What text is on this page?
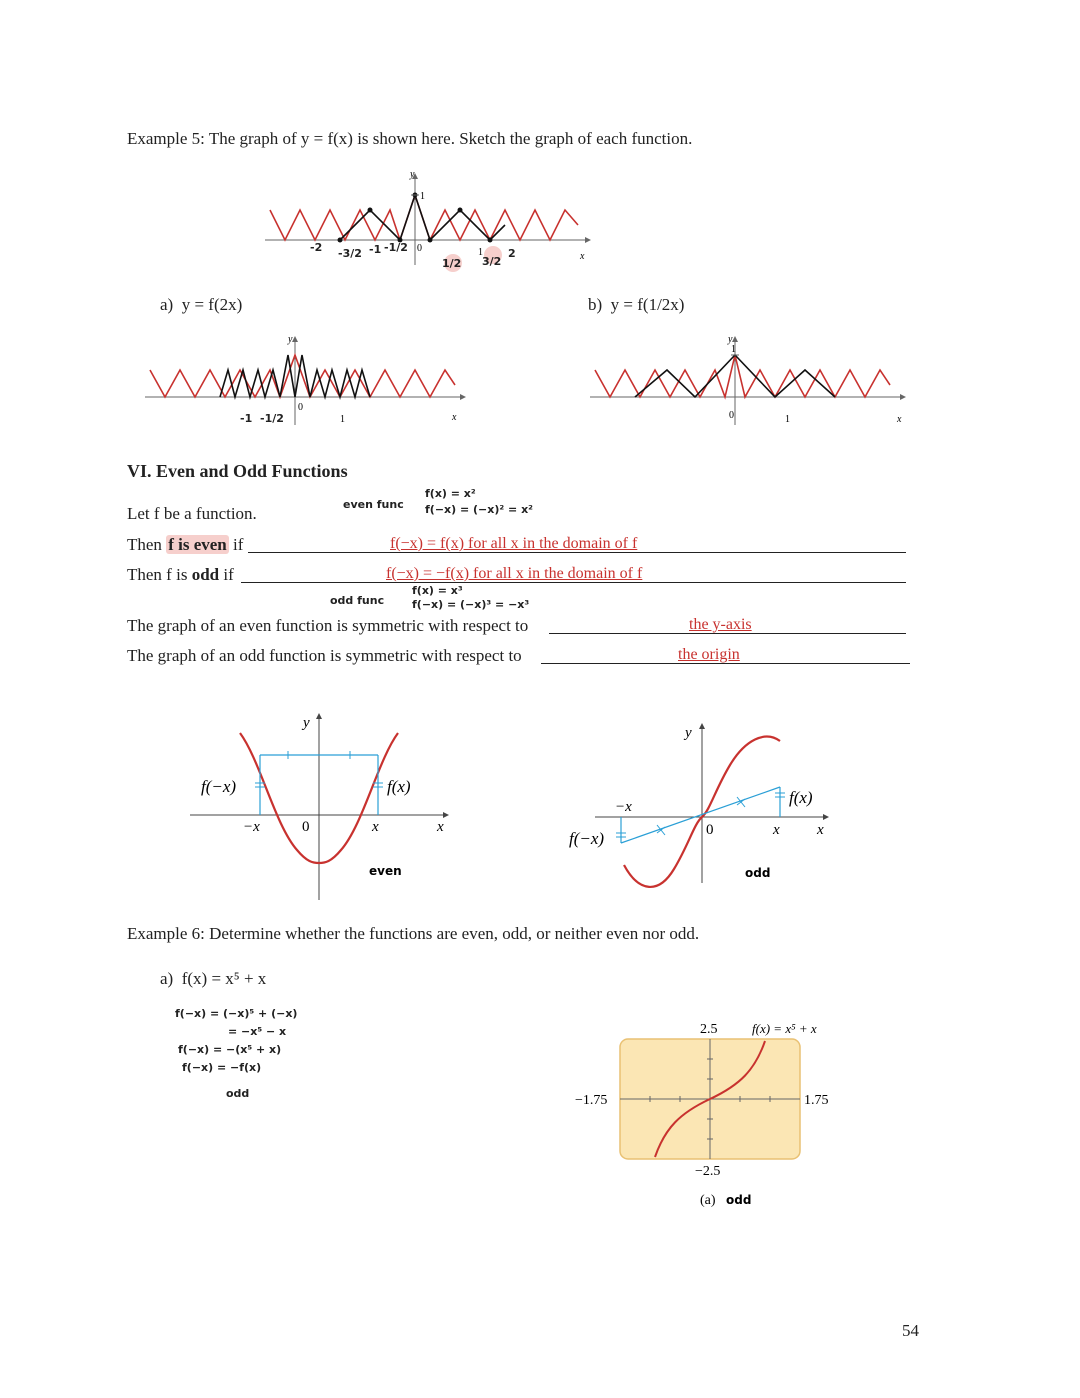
Example 5: The graph of y = f(x) is shown here. Sketch the graph of each function.
y
1
0
x
1
-2 -3/2 -1 -1/2
1/2 3/2
2
a) y = f(2x)	b) y = f(1/2x)
y
0
1	x
-1 -1/2
y
1
0	1	x
VI. Even and Odd Functions
even func
f(x) = x²
f(−x) = (−x)² = x²
Let f be a function.
Then f is even if	f(−x) = f(x) for all x in the domain of f
Then f is odd if	f(−x) = −f(x) for all x in the domain of f
odd func
f(x) = x³
f(−x) = (−x)³ = −x³
The graph of an even function is symmetric with respect to	the y-axis
The graph of an odd function is symmetric with respect to	the origin
y
f(−x)	f(x)
−x	0	x	x
even
y
f(x)
f(−x)
−x
0	x x
odd
Example 6: Determine whether the functions are even, odd, or neither even nor odd.
a) f(x) = x⁵ + x
f(−x) = (−x)⁵ + (−x)
= −x⁵ − x
f(−x) = −(x⁵ + x)
f(−x) = −f(x)
odd
2.5	f(x) = x⁵ + x
−1.75	1.75
−2.5
(a) odd
54
